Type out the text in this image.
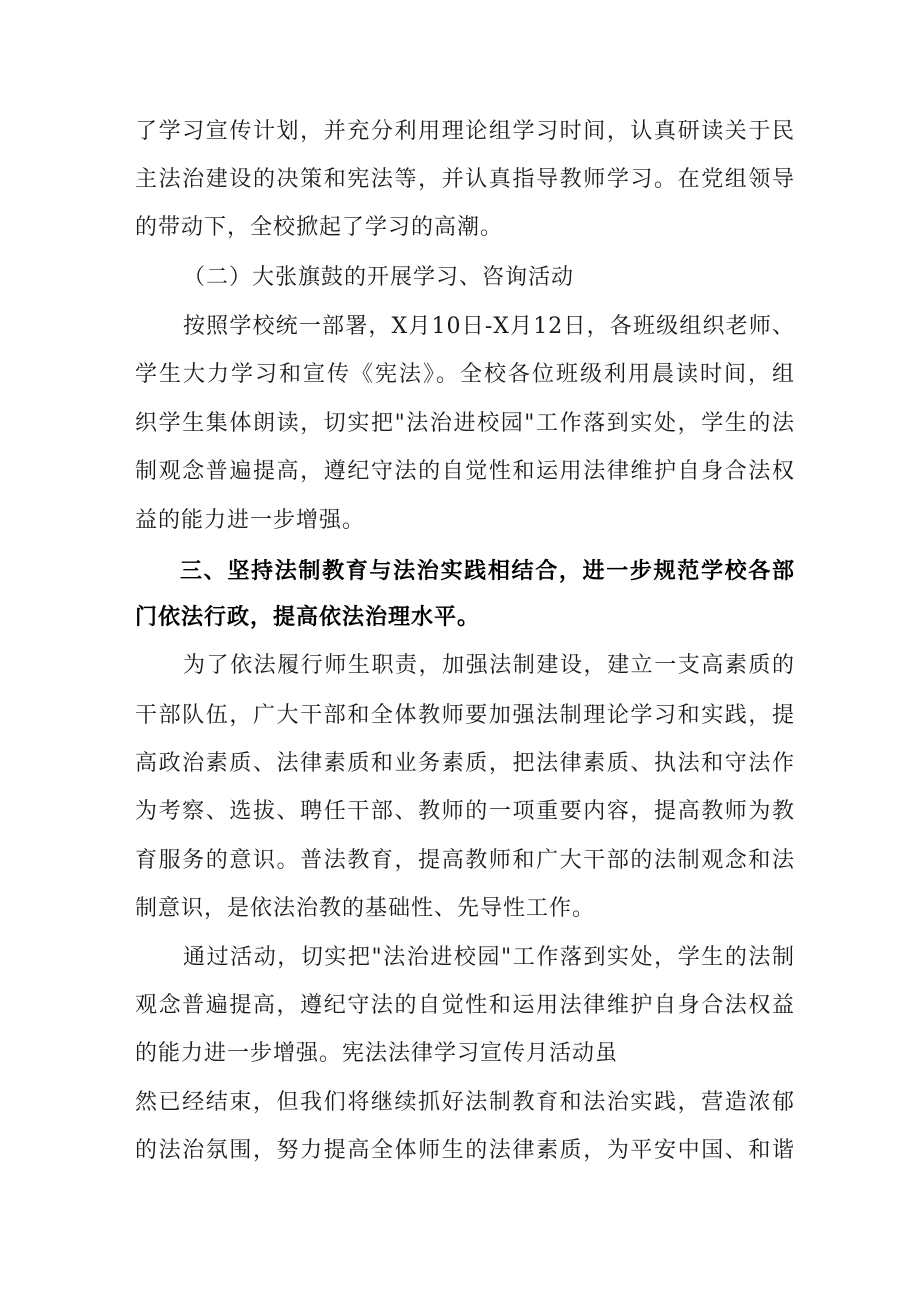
了学习宣传计划，并充分利用理论组学习时间，认真研读关于民
主法治建设的决策和宪法等，并认真指导教师学习。在党组领导
的带动下，全校掀起了学习的高潮。
（二）大张旗鼓的开展学习、咨询活动
按照学校统一部署，X月10日-X月12日，各班级组织老师、
学生大力学习和宣传《宪法》。全校各位班级利用晨读时间，组
织学生集体朗读，切实把"法治进校园"工作落到实处，学生的法
制观念普遍提高，遵纪守法的自觉性和运用法律维护自身合法权
益的能力进一步增强。
三、坚持法制教育与法治实践相结合，进一步规范学校各部
门依法行政，提高依法治理水平。
为了依法履行师生职责，加强法制建设，建立一支高素质的
干部队伍，广大干部和全体教师要加强法制理论学习和实践，提
高政治素质、法律素质和业务素质，把法律素质、执法和守法作
为考察、选拔、聘任干部、教师的一项重要内容，提高教师为教
育服务的意识。普法教育，提高教师和广大干部的法制观念和法
制意识，是依法治教的基础性、先导性工作。
通过活动，切实把"法治进校园"工作落到实处，学生的法制
观念普遍提高，遵纪守法的自觉性和运用法律维护自身合法权益
的能力进一步增强。宪法法律学习宣传月活动虽
然已经结束，但我们将继续抓好法制教育和法治实践，营造浓郁
的法治氛围，努力提高全体师生的法律素质，为平安中国、和谐
